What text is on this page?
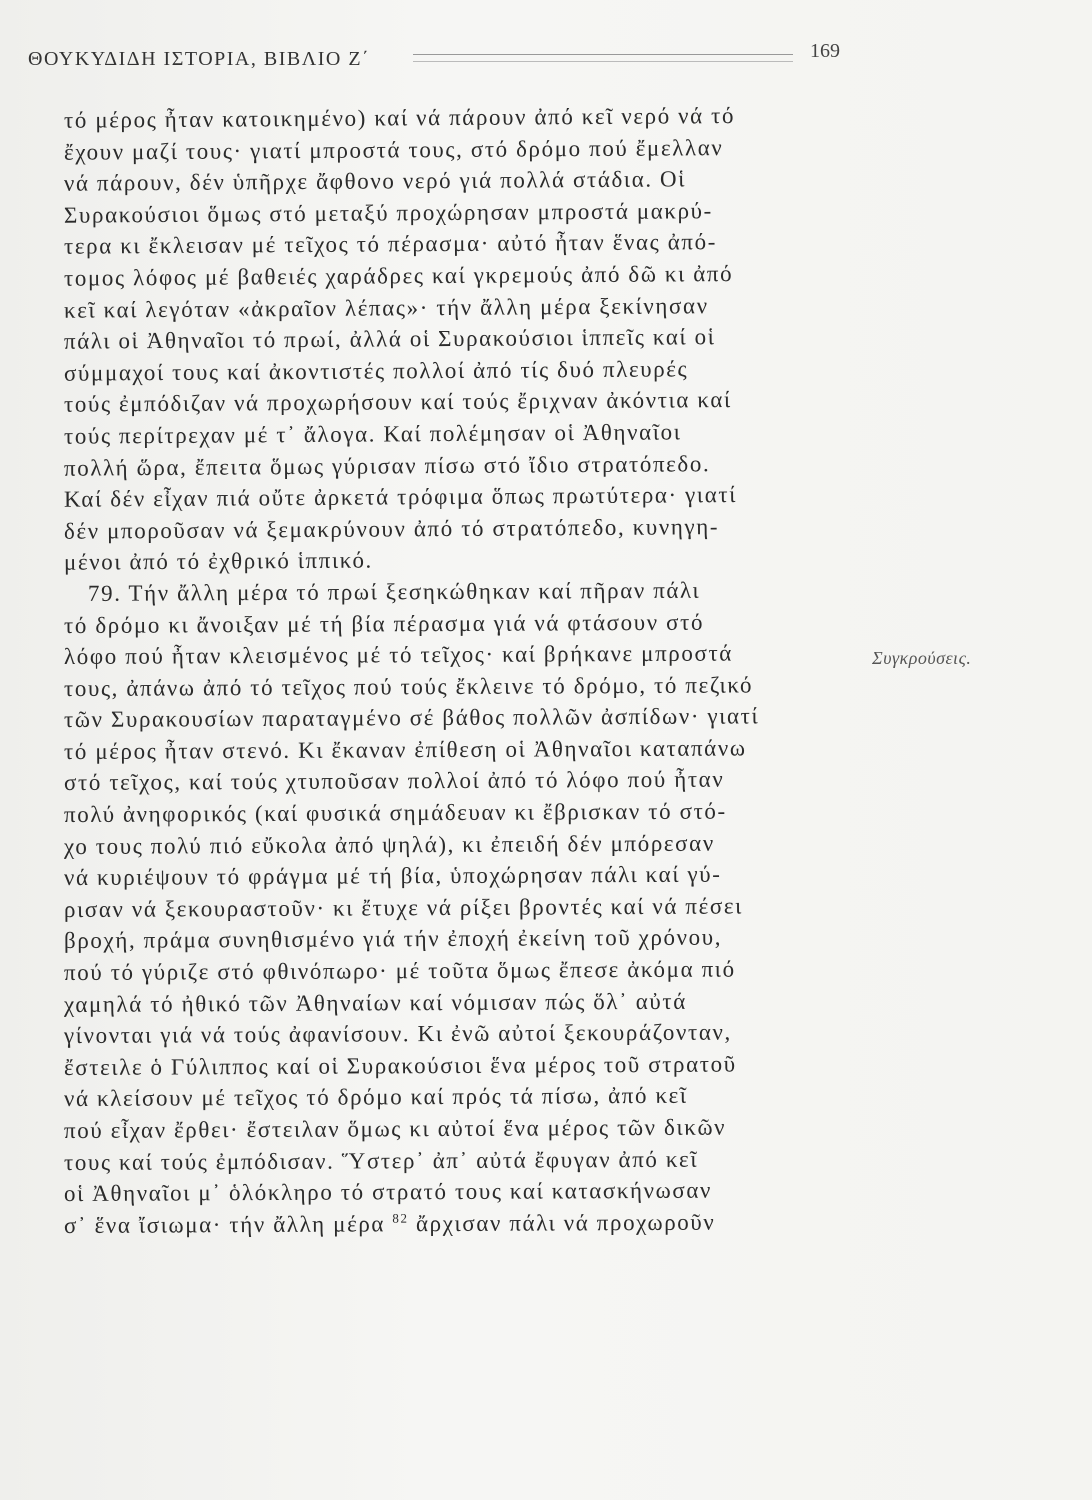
ΘΟΥΚΥΔΙΔΗ ΙΣΤΟΡΙΑ, ΒΙΒΛΙΟ Ζ΄	169
τό μέρος ἦταν κατοικημένο) καί νά πάρουν ἀπό κεῖ νερό νά τό
ἔχουν μαζί τους· γιατί μπροστά τους, στό δρόμο πού ἔμελλαν
νά πάρουν, δέν ὑπῆρχε ἄφθονο νερό γιά πολλά στάδια. Οἱ
Συρακούσιοι ὅμως στό μεταξύ προχώρησαν μπροστά μακρύ-
τερα κι ἔκλεισαν μέ τεῖχος τό πέρασμα· αὐτό ἦταν ἕνας ἀπό-
τομος λόφος μέ βαθειές χαράδρες καί γκρεμούς ἀπό δῶ κι ἀπό
κεῖ καί λεγόταν «ἀκραῖον λέπας»· τήν ἄλλη μέρα ξεκίνησαν
πάλι οἱ Ἀθηναῖοι τό πρωί, ἀλλά οἱ Συρακούσιοι ἱππεῖς καί οἱ
σύμμαχοί τους καί ἀκοντιστές πολλοί ἀπό τίς δυό πλευρές
τούς ἐμπόδιζαν νά προχωρήσουν καί τούς ἔριχναν ἀκόντια καί
τούς περίτρεχαν μέ τ᾿ ἄλογα. Καί πολέμησαν οἱ Ἀθηναῖοι
πολλή ὥρα, ἔπειτα ὅμως γύρισαν πίσω στό ἴδιο στρατόπεδο.
Καί δέν εἶχαν πιά οὔτε ἀρκετά τρόφιμα ὅπως πρωτύτερα· γιατί
δέν μποροῦσαν νά ξεμακρύνουν ἀπό τό στρατόπεδο, κυνηγη-
μένοι ἀπό τό ἐχθρικό ἱππικό.
79. Τήν ἄλλη μέρα τό πρωί ξεσηκώθηκαν καί πῆραν πάλι
τό δρόμο κι ἄνοιξαν μέ τή βία πέρασμα γιά νά φτάσουν στό
λόφο πού ἦταν κλεισμένος μέ τό τεῖχος· καί βρήκανε μπροστά
τους, ἀπάνω ἀπό τό τεῖχος πού τούς ἔκλεινε τό δρόμο, τό πεζικό
τῶν Συρακουσίων παραταγμένο σέ βάθος πολλῶν ἀσπίδων· γιατί
τό μέρος ἦταν στενό. Κι ἔκαναν ἐπίθεση οἱ Ἀθηναῖοι καταπάνω
στό τεῖχος, καί τούς χτυποῦσαν πολλοί ἀπό τό λόφο πού ἦταν
πολύ ἀνηφορικός (καί φυσικά σημάδευαν κι ἔβρισκαν τό στό-
χο τους πολύ πιό εὔκολα ἀπό ψηλά), κι ἐπειδή δέν μπόρεσαν
νά κυριέψουν τό φράγμα μέ τή βία, ὑποχώρησαν πάλι καί γύ-
ρισαν νά ξεκουραστοῦν· κι ἔτυχε νά ρίξει βροντές καί νά πέσει
βροχή, πράμα συνηθισμένο γιά τήν ἐποχή ἐκείνη τοῦ χρόνου,
πού τό γύριζε στό φθινόπωρο· μέ τοῦτα ὅμως ἔπεσε ἀκόμα πιό
χαμηλά τό ἠθικό τῶν Ἀθηναίων καί νόμισαν πώς ὅλ᾿ αὐτά
γίνονται γιά νά τούς ἀφανίσουν. Κι ἐνῶ αὐτοί ξεκουράζονταν,
ἔστειλε ὁ Γύλιππος καί οἱ Συρακούσιοι ἕνα μέρος τοῦ στρατοῦ
νά κλείσουν μέ τεῖχος τό δρόμο καί πρός τά πίσω, ἀπό κεῖ
πού εἶχαν ἔρθει· ἔστειλαν ὅμως κι αὐτοί ἕνα μέρος τῶν δικῶν
τους καί τούς ἐμπόδισαν. Ὕστερ᾿ ἀπ᾿ αὐτά ἔφυγαν ἀπό κεῖ
οἱ Ἀθηναῖοι μ᾿ ὁλόκληρο τό στρατό τους καί κατασκήνωσαν
σ᾿ ἕνα ἴσιωμα· τήν ἄλλη μέρα $^{82}$ ἄρχισαν πάλι νά προχωροῦν
Συγκρούσεις.
